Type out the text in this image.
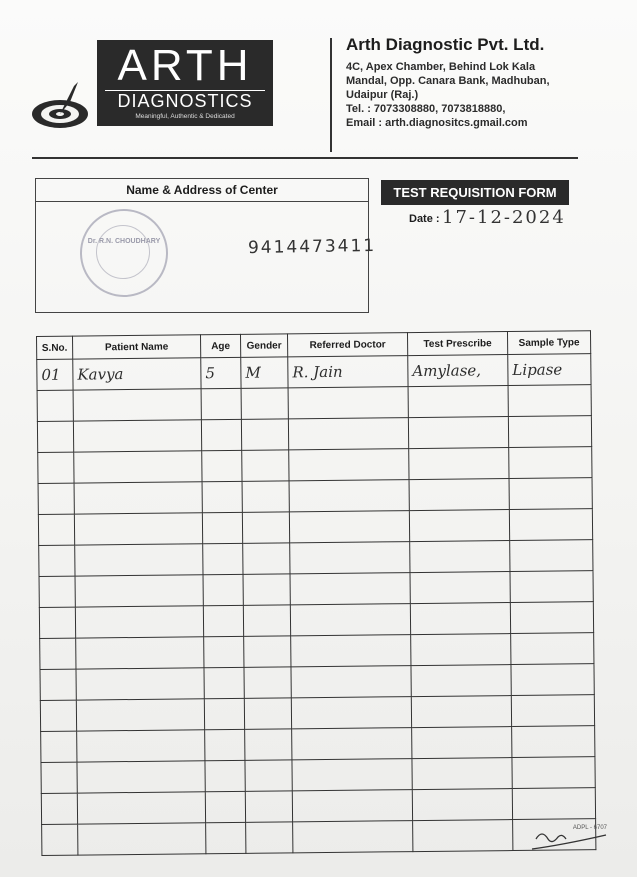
ARTH
DIAGNOSTICS
Meaningful, Authentic & Dedicated
Arth Diagnostic Pvt. Ltd.
4C, Apex Chamber, Behind Lok Kala
Mandal, Opp. Canara Bank, Madhuban,
Udaipur (Raj.)
Tel. : 7073308880, 7073818880,
Email : arth.diagnositcs.gmail.com
Name & Address of Center
Dr. R.N. CHOUDHARY	9414473411
TEST REQUISITION FORM
Date : 17-12-2024
S.No.	Patient Name	Age	Gender	Referred Doctor	Test Prescribe	Sample Type
01	Kavya	5	M	R. Jain	Amylase,	Lipase

ADPL - 6707
